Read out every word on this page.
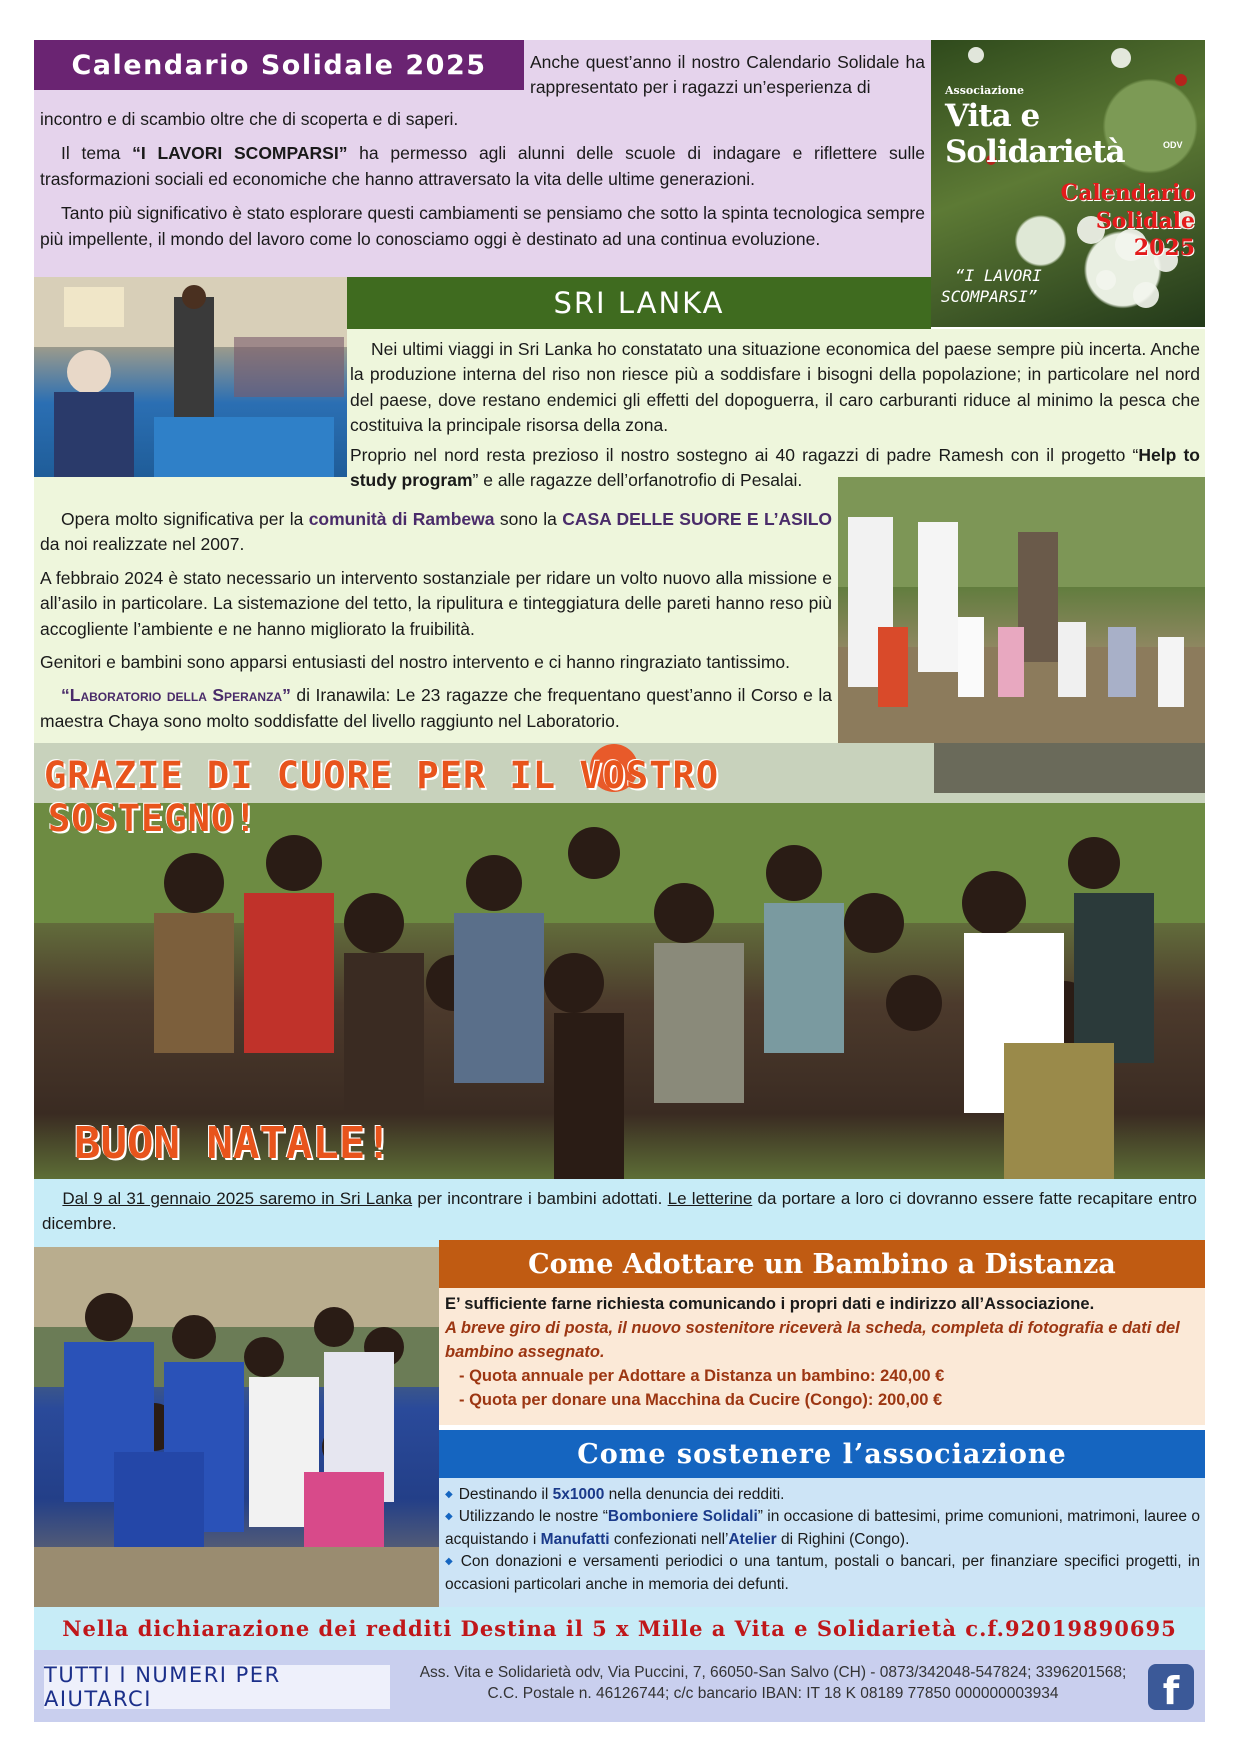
Calendario Solidale 2025	Anche quest’anno il nostro Calendario Solidale ha rappresentato per i ragazzi un’esperienza di

incontro e di scambio oltre che di scoperta e di saperi.

Il tema “I LAVORI SCOMPARSI” ha permesso agli alunni delle scuole di indagare e riflettere sulle trasformazioni sociali ed economiche che hanno attraversato la vita delle ultime generazioni.

Tanto più significativo è stato esplorare questi cambiamenti se pensiamo che sotto la spinta tecnologica sempre più impellente, il mondo del lavoro come lo conosciamo oggi è destinato ad una continua evoluzione.

Associazione
Vita e Solidarietà	ODV
Calendario Solidale
2025
“I LAVORI
SCOMPARSI”
SRI LANKA

Nei ultimi viaggi in Sri Lanka ho constatato una situazione economica del paese sempre più incerta. Anche la produzione interna del riso non riesce più a soddisfare i bisogni della popolazione; in particolare nel nord del paese, dove restano endemici gli effetti del dopoguerra, il caro carburanti riduce al minimo la pesca che costituiva la principale risorsa della zona.

Proprio nel nord resta prezioso il nostro sostegno ai 40 ragazzi di padre Ramesh con il progetto “Help to study program” e alle ragazze dell’orfanotrofio di Pesalai.

Opera molto significativa per la comunità di Rambewa sono la CASA DELLE SUORE E L’ASILO da noi realizzate nel 2007.

A febbraio 2024 è stato necessario un intervento sostanziale per ridare un volto nuovo alla missione e all’asilo in particolare. La sistemazione del tetto, la ripulitura e tinteggiatura delle pareti hanno reso più accogliente l’ambiente e ne hanno migliorato la fruibilità.

Genitori e bambini sono apparsi entusiasti del nostro intervento e ci hanno ringraziato tantissimo.

“Laboratorio della Speranza” di Iranawila: Le 23 ragazze che frequentano quest’anno il Corso e la maestra Chaya sono molto soddisfatte del livello raggiunto nel Laboratorio.

GRAZIE DI CUORE PER IL VOSTRO
SOSTEGNO!
BUON NATALE!

Dal 9 al 31 gennaio 2025 saremo in Sri Lanka per incontrare i bambini adottati. Le letterine da portare a loro ci dovranno essere fatte recapitare entro dicembre.

Come Adottare un Bambino a Distanza
E’ sufficiente farne richiesta comunicando i propri dati e indirizzo all’Associazione.
A breve giro di posta, il nuovo sostenitore riceverà la scheda, completa di fotografia e dati del bambino assegnato.
- Quota annuale per Adottare a Distanza un bambino: 240,00 €
- Quota per donare una Macchina da Cucire (Congo): 200,00 €
Come sostenere l’associazione
◆ Destinando il 5x1000 nella denuncia dei redditi.
◆ Utilizzando le nostre “Bomboniere Solidali” in occasione di battesimi, prime comunioni, matrimoni, lauree o acquistando i Manufatti confezionati nell’Atelier di Righini (Congo).
◆ Con donazioni e versamenti periodici o una tantum, postali o bancari, per finanziare specifici progetti, in occasioni particolari anche in memoria dei defunti.
Nella dichiarazione dei redditi Destina il 5 x Mille a Vita e Solidarietà c.f.92019890695
TUTTI I NUMERI PER AIUTARCI
Ass. Vita e Solidarietà odv, Via Puccini, 7, 66050-San Salvo (CH) - 0873/342048-547824; 3396201568;
C.C. Postale n. 46126744; c/c bancario IBAN: IT 18 K 08189 77850 000000003934	f
